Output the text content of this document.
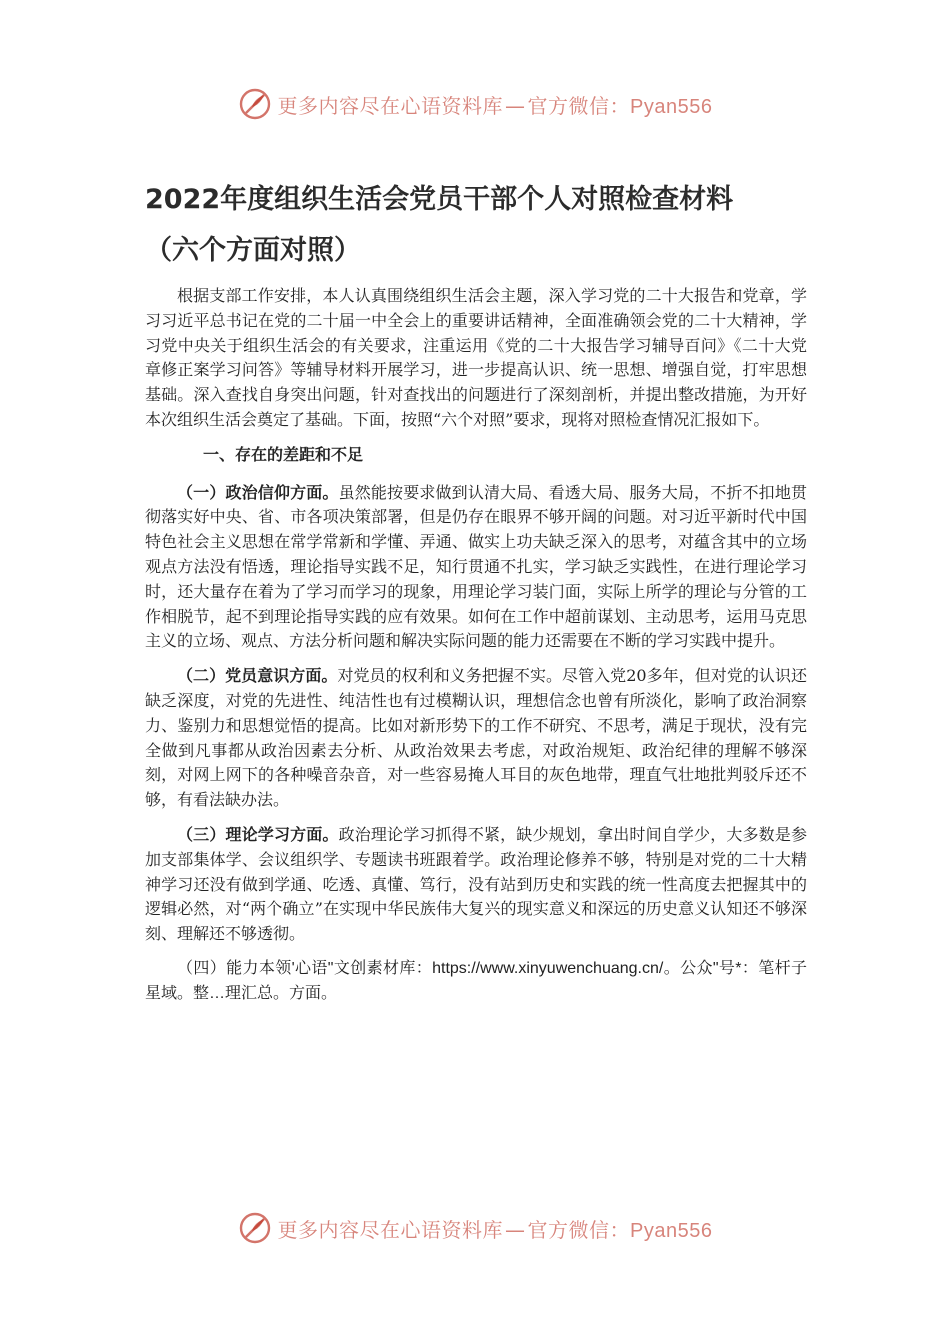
更多内容尽在心语资料库 — 官方微信：Pyan556
2022年度组织生活会党员干部个人对照检查材料
（六个方面对照）

根据支部工作安排，本人认真围绕组织生活会主题，深入学习党的二十大报告和党章，学习习近平总书记在党的二十届一中全会上的重要讲话精神，全面准确领会党的二十大精神，学习党中央关于组织生活会的有关要求，注重运用《党的二十大报告学习辅导百问》《二十大党章修正案学习问答》等辅导材料开展学习，进一步提高认识、统一思想、增强自觉，打牢思想基础。深入查找自身突出问题，针对查找出的问题进行了深刻剖析，并提出整改措施，为开好本次组织生活会奠定了基础。下面，按照“六个对照”要求，现将对照检查情况汇报如下。

一、存在的差距和不足

（一）政治信仰方面。虽然能按要求做到认清大局、看透大局、服务大局，不折不扣地贯彻落实好中央、省、市各项决策部署，但是仍存在眼界不够开阔的问题。对习近平新时代中国特色社会主义思想在常学常新和学懂、弄通、做实上功夫缺乏深入的思考，对蕴含其中的立场观点方法没有悟透，理论指导实践不足，知行贯通不扎实，学习缺乏实践性，在进行理论学习时，还大量存在着为了学习而学习的现象，用理论学习装门面，实际上所学的理论与分管的工作相脱节，起不到理论指导实践的应有效果。如何在工作中超前谋划、主动思考，运用马克思主义的立场、观点、方法分析问题和解决实际问题的能力还需要在不断的学习实践中提升。

（二）党员意识方面。对党员的权利和义务把握不实。尽管入党20多年，但对党的认识还缺乏深度，对党的先进性、纯洁性也有过模糊认识，理想信念也曾有所淡化，影响了政治洞察力、鉴别力和思想觉悟的提高。比如对新形势下的工作不研究、不思考，满足于现状，没有完全做到凡事都从政治因素去分析、从政治效果去考虑，对政治规矩、政治纪律的理解不够深刻，对网上网下的各种噪音杂音，对一些容易掩人耳目的灰色地带，理直气壮地批判驳斥还不够，有看法缺办法。

（三）理论学习方面。政治理论学习抓得不紧，缺少规划，拿出时间自学少，大多数是参加支部集体学、会议组织学、专题读书班跟着学。政治理论修养不够，特别是对党的二十大精神学习还没有做到学通、吃透、真懂、笃行，没有站到历史和实践的统一性高度去把握其中的逻辑必然，对“两个确立”在实现中华民族伟大复兴的现实意义和深远的历史意义认知还不够深刻、理解还不够透彻。

（四）能力本领'心语"文创素材库：https://www.xinyuwenchuang.cn/。公众"号*：笔杆子星域。整…理汇总。方面。

更多内容尽在心语资料库 — 官方微信：Pyan556
